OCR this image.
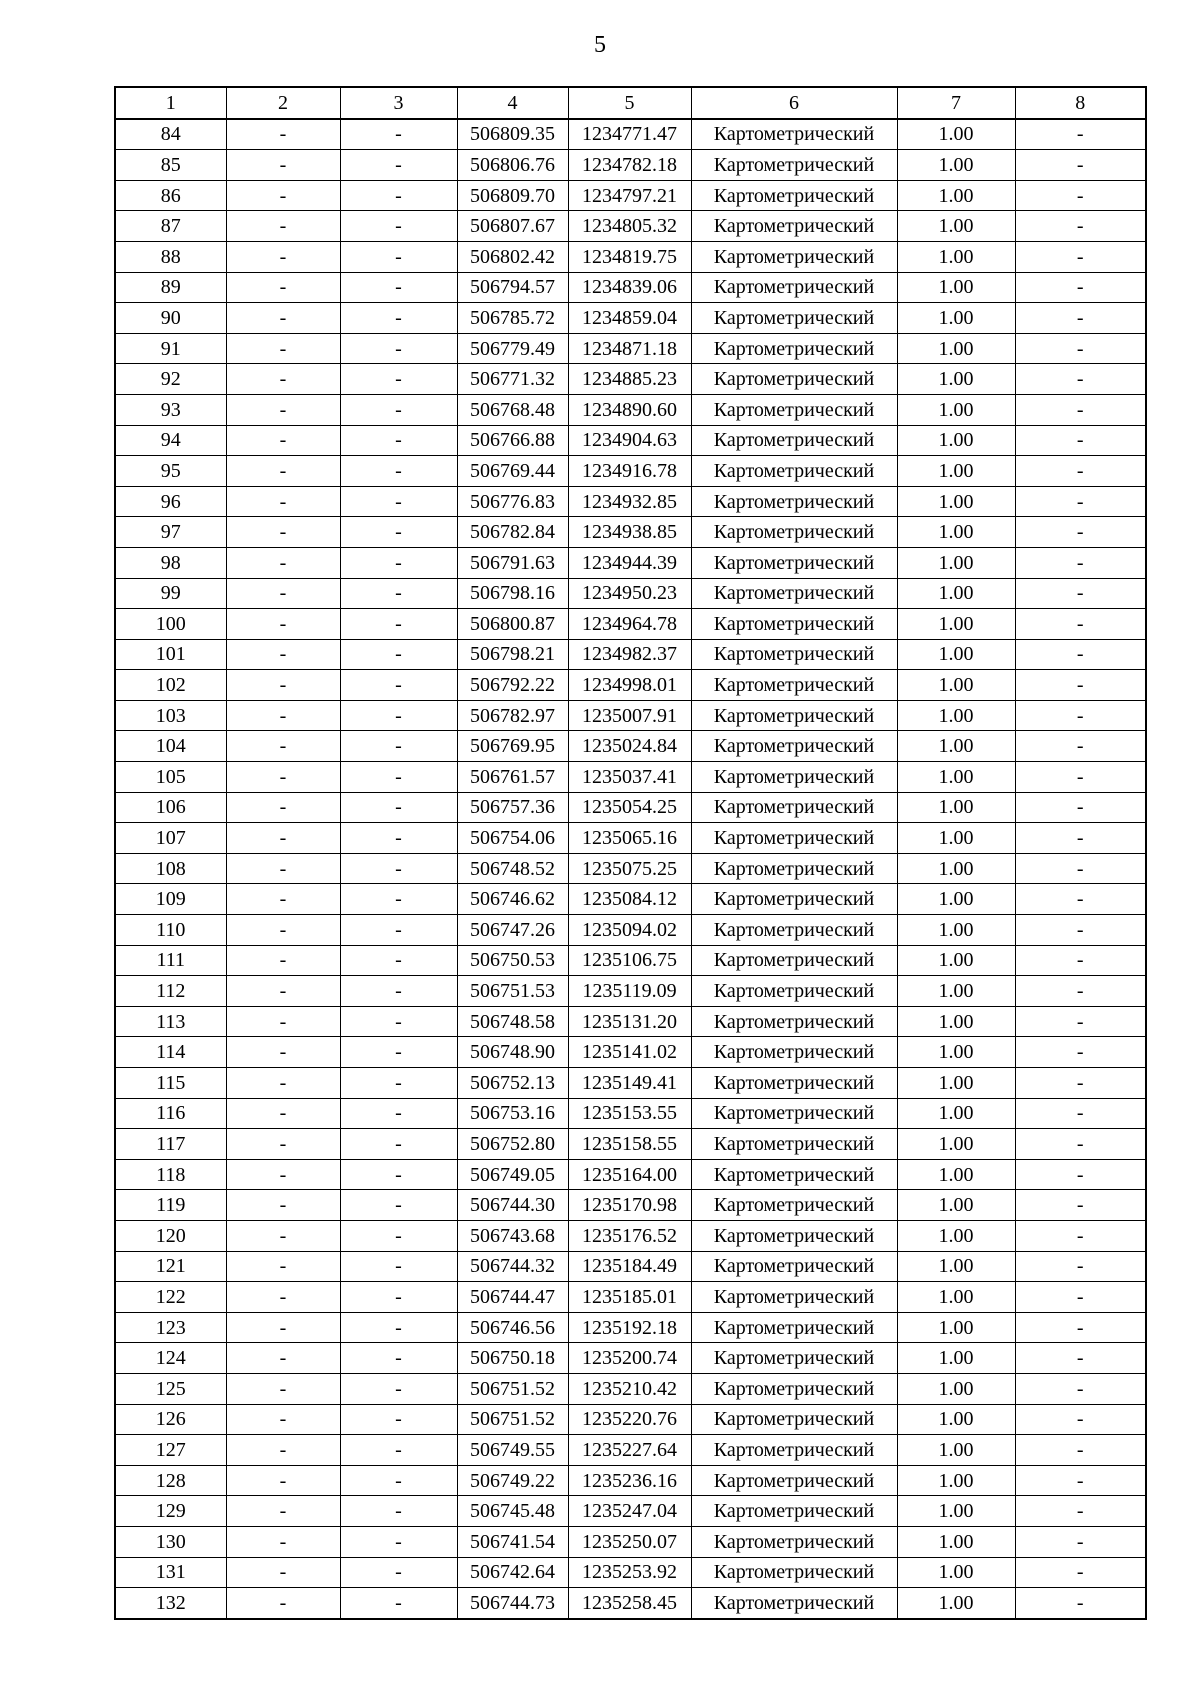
5
1	2	3	4	5	6	7	8
84	-	-	506809.35	1234771.47	Картометрический	1.00	-
85	-	-	506806.76	1234782.18	Картометрический	1.00	-
86	-	-	506809.70	1234797.21	Картометрический	1.00	-
87	-	-	506807.67	1234805.32	Картометрический	1.00	-
88	-	-	506802.42	1234819.75	Картометрический	1.00	-
89	-	-	506794.57	1234839.06	Картометрический	1.00	-
90	-	-	506785.72	1234859.04	Картометрический	1.00	-
91	-	-	506779.49	1234871.18	Картометрический	1.00	-
92	-	-	506771.32	1234885.23	Картометрический	1.00	-
93	-	-	506768.48	1234890.60	Картометрический	1.00	-
94	-	-	506766.88	1234904.63	Картометрический	1.00	-
95	-	-	506769.44	1234916.78	Картометрический	1.00	-
96	-	-	506776.83	1234932.85	Картометрический	1.00	-
97	-	-	506782.84	1234938.85	Картометрический	1.00	-
98	-	-	506791.63	1234944.39	Картометрический	1.00	-
99	-	-	506798.16	1234950.23	Картометрический	1.00	-
100	-	-	506800.87	1234964.78	Картометрический	1.00	-
101	-	-	506798.21	1234982.37	Картометрический	1.00	-
102	-	-	506792.22	1234998.01	Картометрический	1.00	-
103	-	-	506782.97	1235007.91	Картометрический	1.00	-
104	-	-	506769.95	1235024.84	Картометрический	1.00	-
105	-	-	506761.57	1235037.41	Картометрический	1.00	-
106	-	-	506757.36	1235054.25	Картометрический	1.00	-
107	-	-	506754.06	1235065.16	Картометрический	1.00	-
108	-	-	506748.52	1235075.25	Картометрический	1.00	-
109	-	-	506746.62	1235084.12	Картометрический	1.00	-
110	-	-	506747.26	1235094.02	Картометрический	1.00	-
111	-	-	506750.53	1235106.75	Картометрический	1.00	-
112	-	-	506751.53	1235119.09	Картометрический	1.00	-
113	-	-	506748.58	1235131.20	Картометрический	1.00	-
114	-	-	506748.90	1235141.02	Картометрический	1.00	-
115	-	-	506752.13	1235149.41	Картометрический	1.00	-
116	-	-	506753.16	1235153.55	Картометрический	1.00	-
117	-	-	506752.80	1235158.55	Картометрический	1.00	-
118	-	-	506749.05	1235164.00	Картометрический	1.00	-
119	-	-	506744.30	1235170.98	Картометрический	1.00	-
120	-	-	506743.68	1235176.52	Картометрический	1.00	-
121	-	-	506744.32	1235184.49	Картометрический	1.00	-
122	-	-	506744.47	1235185.01	Картометрический	1.00	-
123	-	-	506746.56	1235192.18	Картометрический	1.00	-
124	-	-	506750.18	1235200.74	Картометрический	1.00	-
125	-	-	506751.52	1235210.42	Картометрический	1.00	-
126	-	-	506751.52	1235220.76	Картометрический	1.00	-
127	-	-	506749.55	1235227.64	Картометрический	1.00	-
128	-	-	506749.22	1235236.16	Картометрический	1.00	-
129	-	-	506745.48	1235247.04	Картометрический	1.00	-
130	-	-	506741.54	1235250.07	Картометрический	1.00	-
131	-	-	506742.64	1235253.92	Картометрический	1.00	-
132	-	-	506744.73	1235258.45	Картометрический	1.00	-
